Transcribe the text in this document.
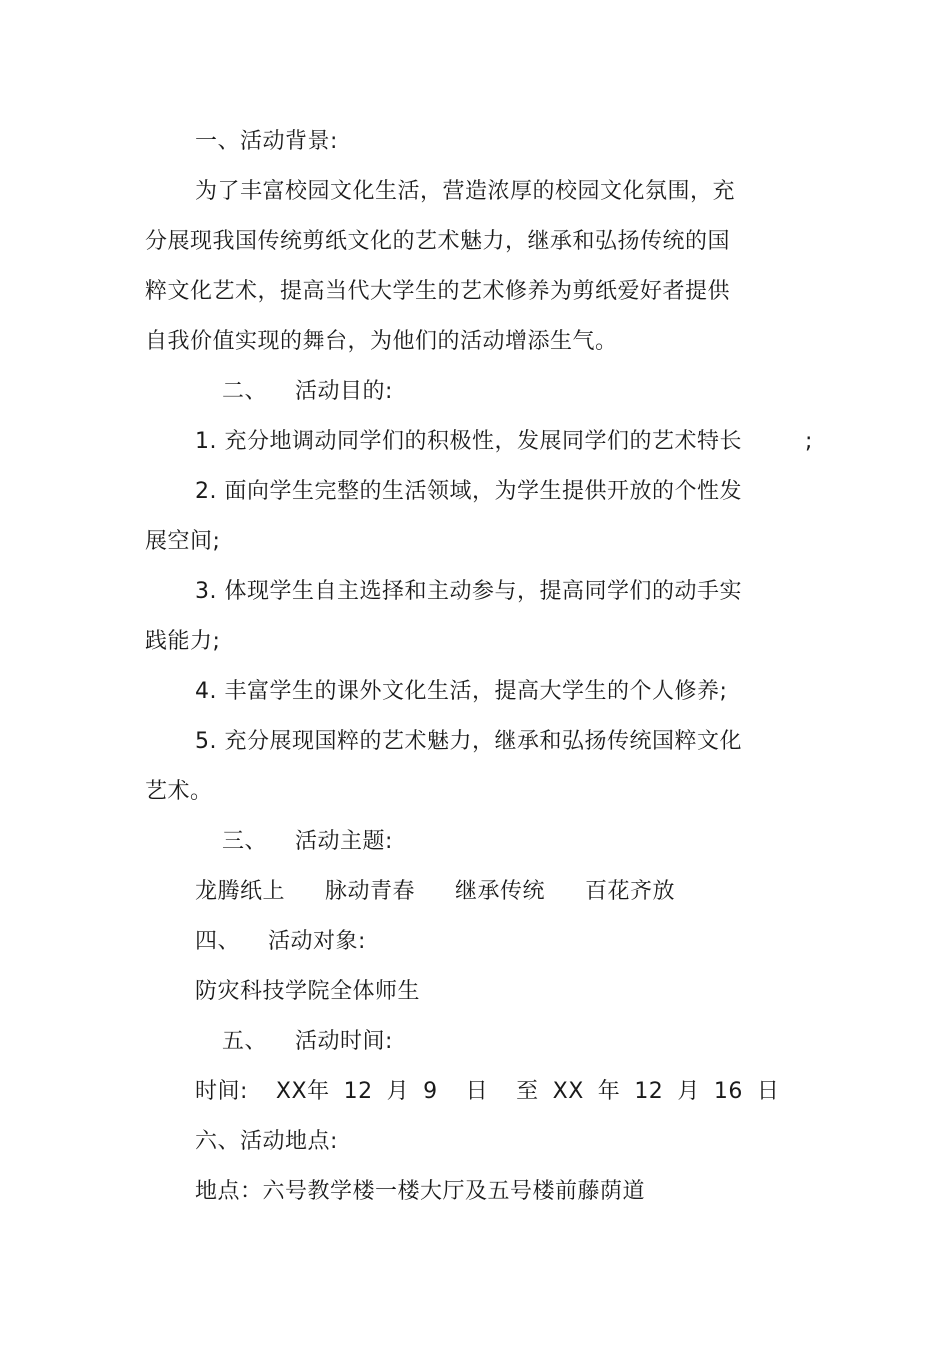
一、活动背景:
为了丰富校园文化生活，营造浓厚的校园文化氛围，充
分展现我国传统剪纸文化的艺术魅力，继承和弘扬传统的国
粹文化艺术，提高当代大学生的艺术修养为剪纸爱好者提供
自我价值实现的舞台，为他们的活动增添生气。
二、 活动目的:
1. 充分地调动同学们的积极性，发展同学们的艺术特长	;
2. 面向学生完整的生活领域，为学生提供开放的个性发
展空间;
3. 体现学生自主选择和主动参与，提高同学们的动手实
践能力;
4. 丰富学生的课外文化生活，提高大学生的个人修养;
5. 充分展现国粹的艺术魅力，继承和弘扬传统国粹文化
艺术。
三、 活动主题:
龙腾纸上 脉动青春 继承传统 百花齐放
四、 活动对象:
防灾科技学院全体师生
五、 活动时间:
时间: XX年 12 月 9 日 至 XX 年 12 月 16 日
六、活动地点:
地点：六号教学楼一楼大厅及五号楼前藤荫道
